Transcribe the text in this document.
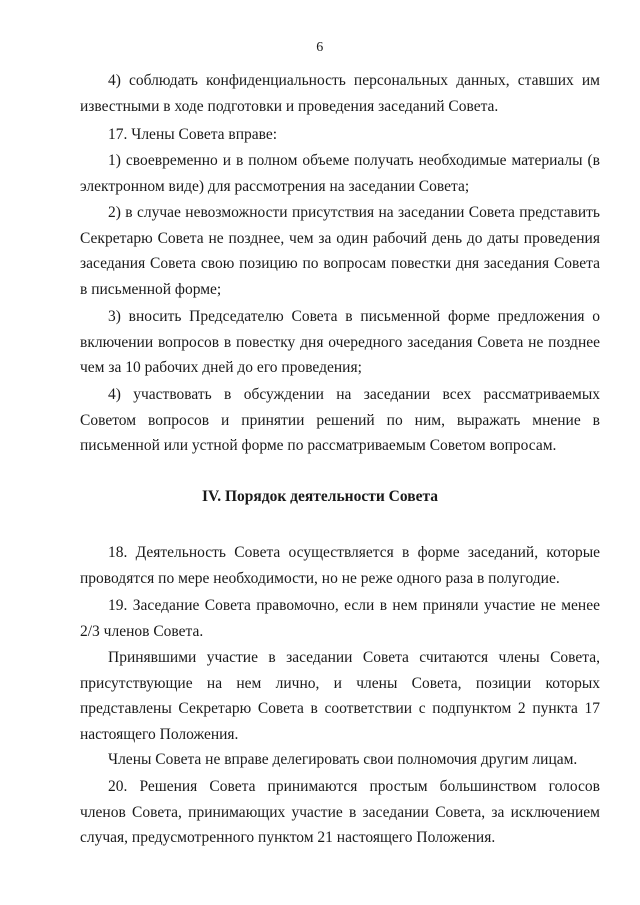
6

4) соблюдать конфиденциальность персональных данных, ставших им известными в ходе подготовки и проведения заседаний Совета.

17. Члены Совета вправе:

1) своевременно и в полном объеме получать необходимые материалы (в электронном виде) для рассмотрения на заседании Совета;

2) в случае невозможности присутствия на заседании Совета представить Секретарю Совета не позднее, чем за один рабочий день до даты проведения заседания Совета свою позицию по вопросам повестки дня заседания Совета в письменной форме;

3) вносить Председателю Совета в письменной форме предложения о включении вопросов в повестку дня очередного заседания Совета не позднее чем за 10 рабочих дней до его проведения;

4) участвовать в обсуждении на заседании всех рассматриваемых Советом вопросов и принятии решений по ним, выражать мнение в письменной или устной форме по рассматриваемым Советом вопросам.

IV. Порядок деятельности Совета

18. Деятельность Совета осуществляется в форме заседаний, которые проводятся по мере необходимости, но не реже одного раза в полугодие.

19. Заседание Совета правомочно, если в нем приняли участие не менее 2/3 членов Совета.

Принявшими участие в заседании Совета считаются члены Совета, присутствующие на нем лично, и члены Совета, позиции которых представлены Секретарю Совета в соответствии с подпунктом 2 пункта 17 настоящего Положения.

Члены Совета не вправе делегировать свои полномочия другим лицам.

20. Решения Совета принимаются простым большинством голосов членов Совета, принимающих участие в заседании Совета, за исключением случая, предусмотренного пунктом 21 настоящего Положения.
